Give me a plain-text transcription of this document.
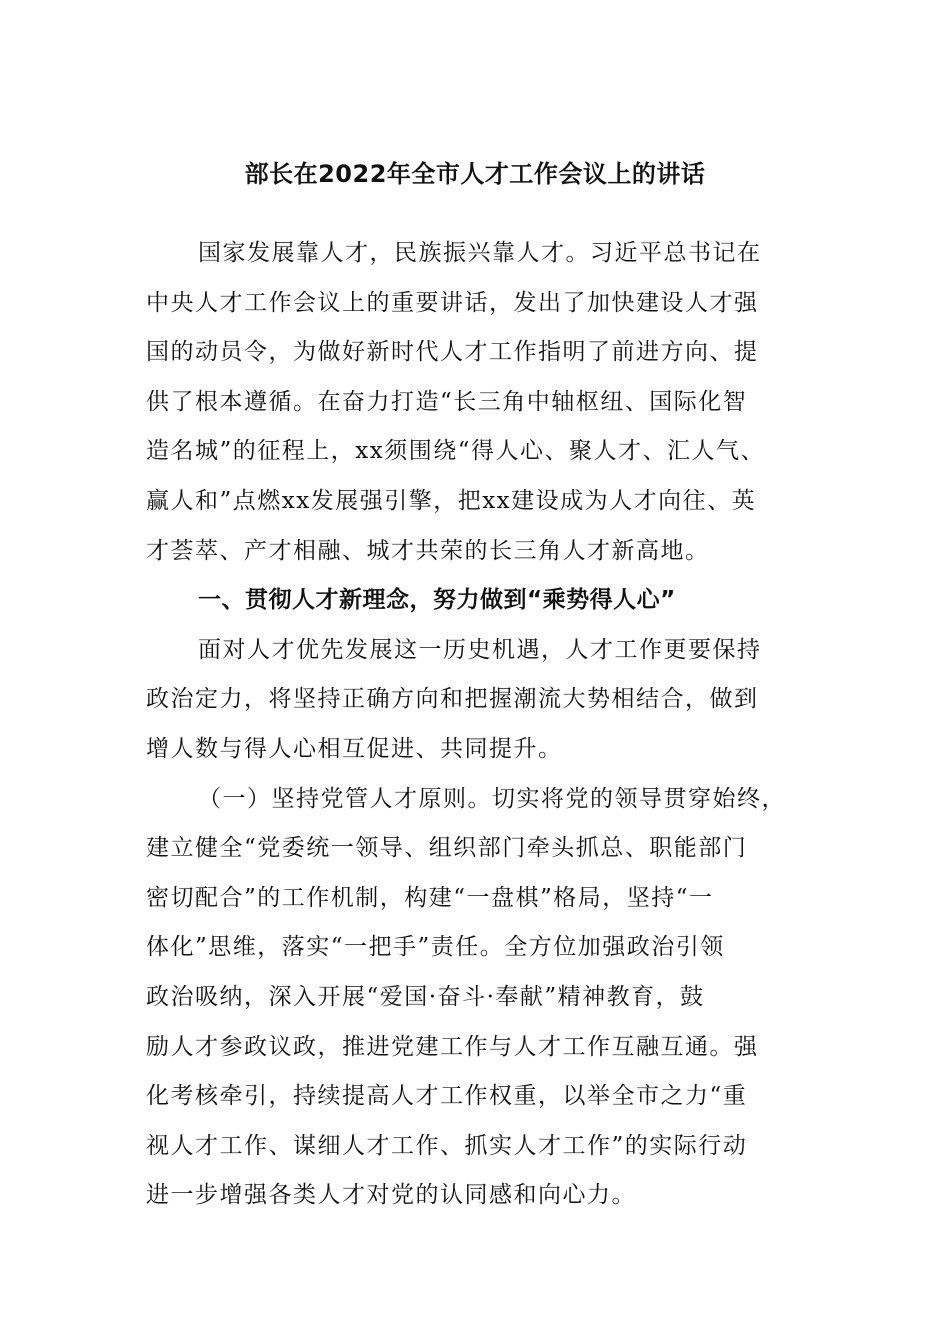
部长在2022年全市人才工作会议上的讲话

国家发展靠人才，民族振兴靠人才。习近平总书记在

中央人才工作会议上的重要讲话，发出了加快建设人才强

国的动员令，为做好新时代人才工作指明了前进方向、提

供了根本遵循。在奋力打造“长三角中轴枢纽、国际化智

造名城”的征程上，xx须围绕“得人心、聚人才、汇人气、

赢人和”点燃xx发展强引擎，把xx建设成为人才向往、英

才荟萃、产才相融、城才共荣的长三角人才新高地。

一、贯彻人才新理念，努力做到“乘势得人心”

面对人才优先发展这一历史机遇，人才工作更要保持

政治定力，将坚持正确方向和把握潮流大势相结合，做到

增人数与得人心相互促进、共同提升。

（一）坚持党管人才原则。切实将党的领导贯穿始终，

建立健全“党委统一领导、组织部门牵头抓总、职能部门

密切配合”的工作机制，构建“一盘棋”格局，坚持“一

体化”思维，落实“一把手”责任。全方位加强政治引领

政治吸纳，深入开展“爱国·奋斗·奉献”精神教育，鼓

励人才参政议政，推进党建工作与人才工作互融互通。强

化考核牵引，持续提高人才工作权重，以举全市之力“重

视人才工作、谋细人才工作、抓实人才工作”的实际行动

进一步增强各类人才对党的认同感和向心力。
